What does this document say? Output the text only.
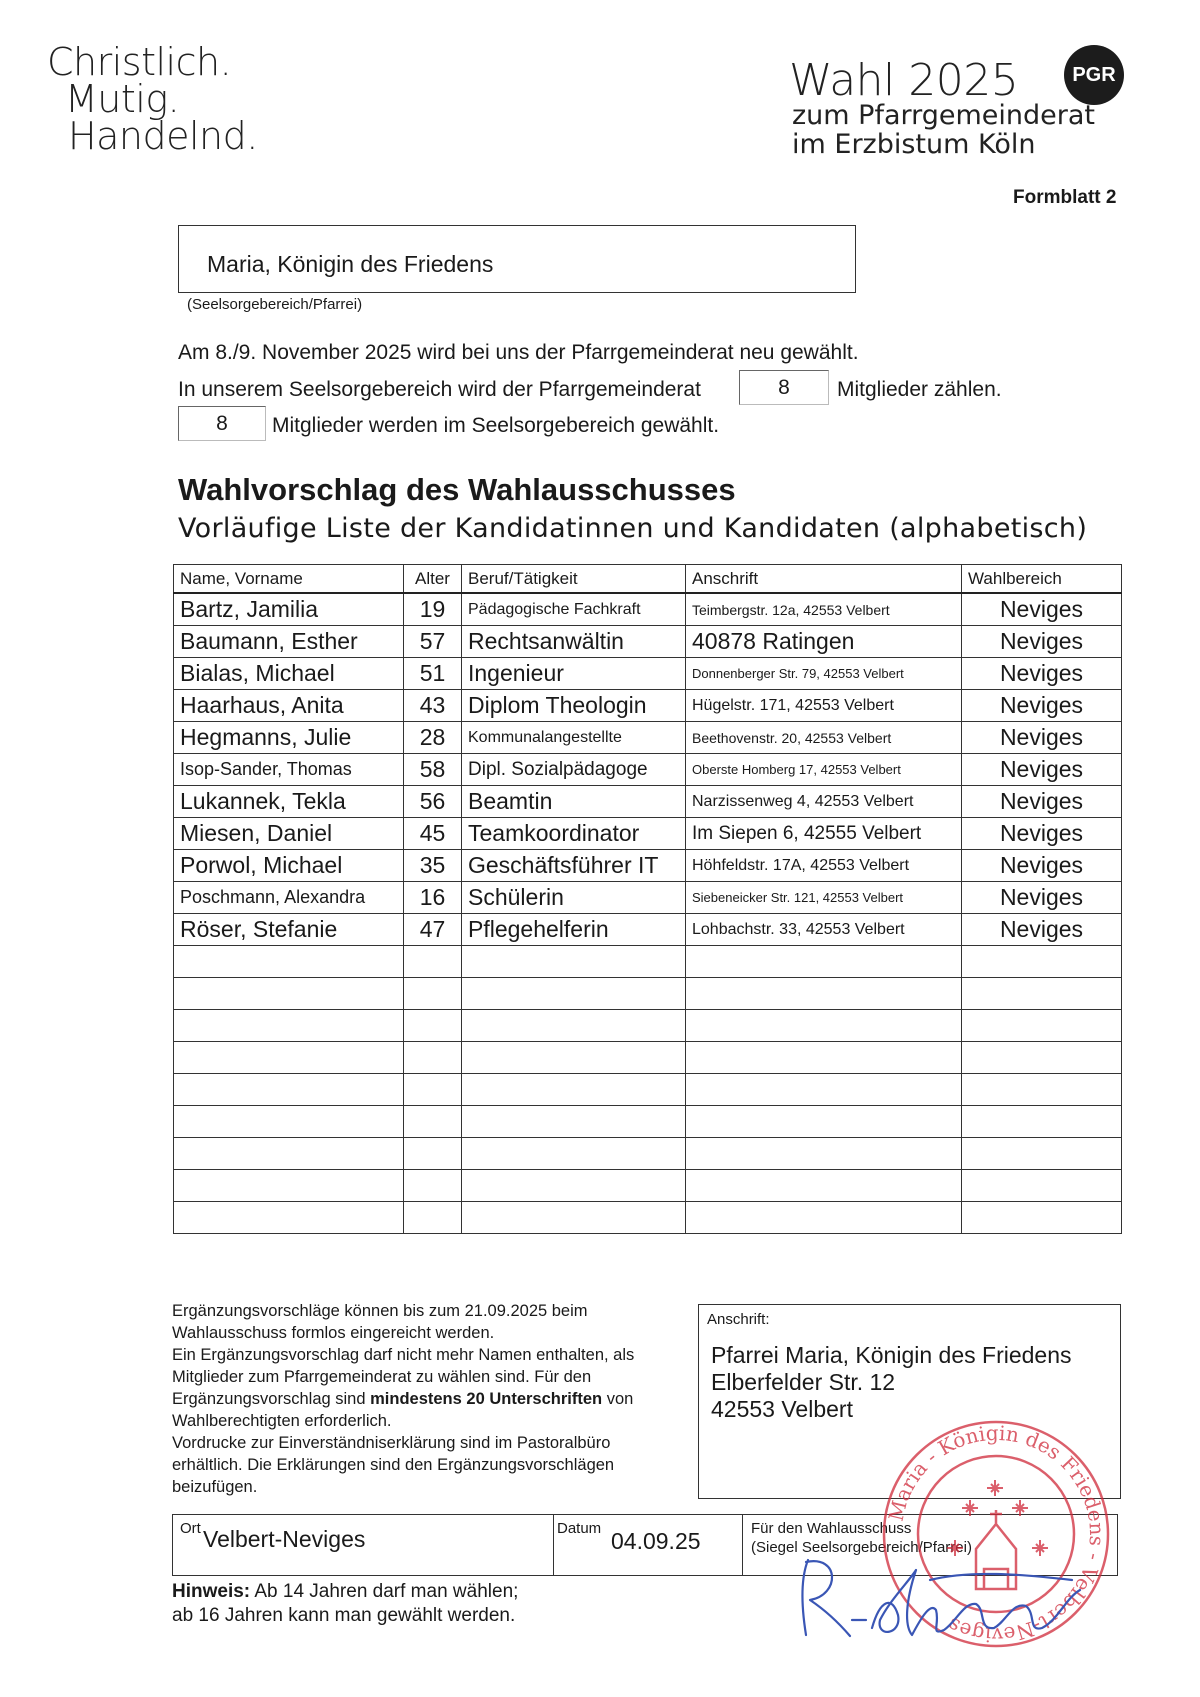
Christlich.
Mutig.
Handelnd.
Wahl 2025
zum Pfarrgemeinderat
im Erzbistum Köln
PGR
Formblatt 2
Maria, Königin des Friedens
(Seelsorgebereich/Pfarrei)
Am 8./9. November 2025 wird bei uns der Pfarrgemeinderat neu gewählt.
In unserem Seelsorgebereich wird der Pfarrgemeinderat	8	Mitglieder zählen.
8	Mitglieder werden im Seelsorgebereich gewählt.
Wahlvorschlag des Wahlausschusses
Vorläufige Liste der Kandidatinnen und Kandidaten (alphabetisch)
Name, Vorname	Alter	Beruf/Tätigkeit	Anschrift	Wahlbereich
Bartz, Jamilia	19	Pädagogische Fachkraft	Teimbergstr. 12a, 42553 Velbert	Neviges
Baumann, Esther	57	Rechtsanwältin	40878 Ratingen	Neviges
Bialas, Michael	51	Ingenieur	Donnenberger Str. 79, 42553 Velbert	Neviges
Haarhaus, Anita	43	Diplom Theologin	Hügelstr. 171, 42553 Velbert	Neviges
Hegmanns, Julie	28	Kommunalangestellte	Beethovenstr. 20, 42553 Velbert	Neviges
Isop-Sander, Thomas	58	Dipl. Sozialpädagoge	Oberste Homberg 17, 42553 Velbert	Neviges
Lukannek, Tekla	56	Beamtin	Narzissenweg 4, 42553 Velbert	Neviges
Miesen, Daniel	45	Teamkoordinator	Im Siepen 6, 42555 Velbert	Neviges
Porwol, Michael	35	Geschäftsführer IT	Höhfeldstr. 17A, 42553 Velbert	Neviges
Poschmann, Alexandra	16	Schülerin	Siebeneicker Str. 121, 42553 Velbert	Neviges
Röser, Stefanie	47	Pflegehelferin	Lohbachstr. 33, 42553 Velbert	Neviges

Ergänzungsvorschläge können bis zum 21.09.2025 beim Wahlausschuss formlos eingereicht werden.

Ein Ergänzungsvorschlag darf nicht mehr Namen enthalten, als Mitglieder zum Pfarrgemeinderat zu wählen sind. Für den Ergänzungsvorschlag sind mindestens 20 Unterschriften von Wahlberechtigten erforderlich.

Vordrucke zur Einverständniserklärung sind im Pastoralbüro erhältlich. Die Erklärungen sind den Ergänzungsvorschlägen beizufügen.

Anschrift:
Pfarrei Maria, Königin des Friedens
Elberfelder Str. 12
42553 Velbert
Ort Velbert-Neviges	Datum 04.09.25	Für den Wahlausschuss
(Siegel Seelsorgebereich/Pfarrei)
Hinweis: Ab 14 Jahren darf man wählen;
ab 16 Jahren kann man gewählt werden.
Maria - Königin des Friedens - Velbert-Neviges
